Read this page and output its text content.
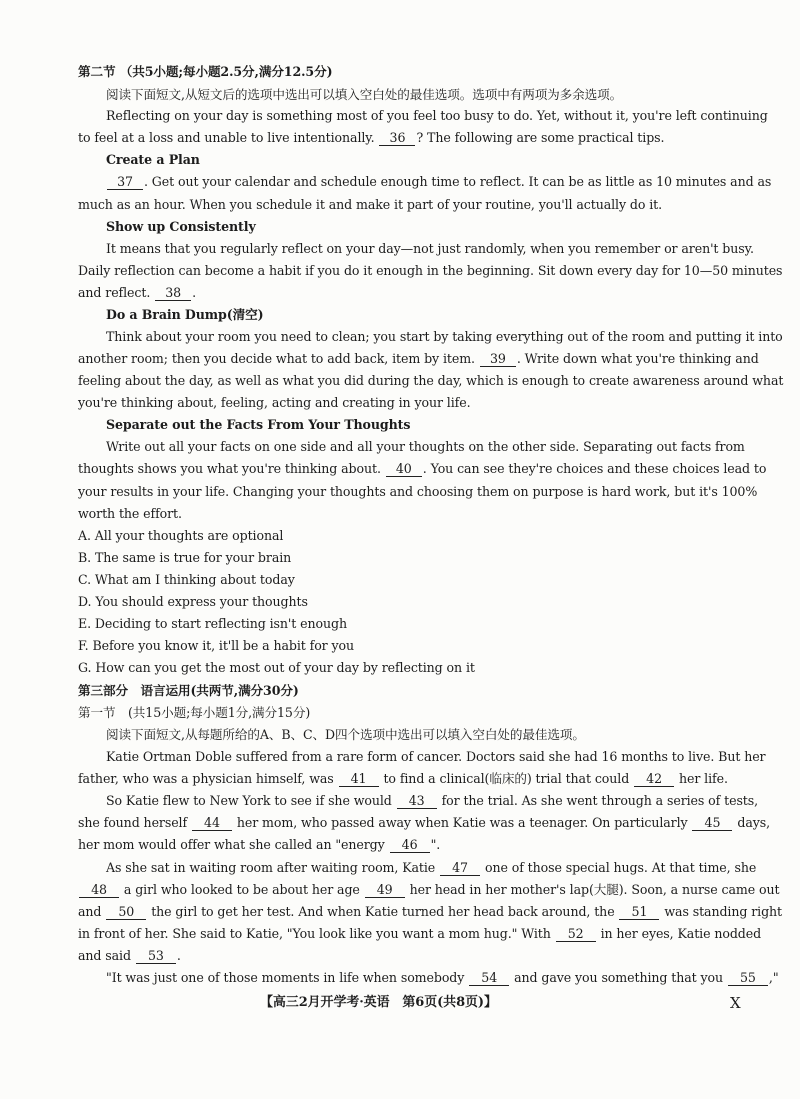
第二节 （共5小题;每小题2.5分,满分12.5分)
阅读下面短文,从短文后的选项中选出可以填入空白处的最佳选项。选项中有两项为多余选项。
Reflecting on your day is something most of you feel too busy to do. Yet, without it, you're left continuing
to feel at a loss and unable to live intentionally. 36 ? The following are some practical tips.
Create a Plan
37 . Get out your calendar and schedule enough time to reflect. It can be as little as 10 minutes and as
much as an hour. When you schedule it and make it part of your routine, you'll actually do it.
Show up Consistently
It means that you regularly reflect on your day—not just randomly, when you remember or aren't busy.
Daily reflection can become a habit if you do it enough in the beginning. Sit down every day for 10—50 minutes
and reflect. 38 .
Do a Brain Dump(清空)
Think about your room you need to clean; you start by taking everything out of the room and putting it into
another room; then you decide what to add back, item by item. 39 . Write down what you're thinking and
feeling about the day, as well as what you did during the day, which is enough to create awareness around what
you're thinking about, feeling, acting and creating in your life.
Separate out the Facts From Your Thoughts
Write out all your facts on one side and all your thoughts on the other side. Separating out facts from
thoughts shows you what you're thinking about. 40 . You can see they're choices and these choices lead to
your results in your life. Changing your thoughts and choosing them on purpose is hard work, but it's 100%
worth the effort.
A. All your thoughts are optional
B. The same is true for your brain
C. What am I thinking about today
D. You should express your thoughts
E. Deciding to start reflecting isn't enough
F. Before you know it, it'll be a habit for you
G. How can you get the most out of your day by reflecting on it
第三部分　语言运用(共两节,满分30分)
第一节　(共15小题;每小题1分,满分15分)
阅读下面短文,从每题所给的A、B、C、D四个选项中选出可以填入空白处的最佳选项。
Katie Ortman Doble suffered from a rare form of cancer. Doctors said she had 16 months to live. But her
father, who was a physician himself, was 41 to find a clinical(临床的) trial that could 42 her life.
So Katie flew to New York to see if she would 43 for the trial. As she went through a series of tests,
she found herself 44 her mom, who passed away when Katie was a teenager. On particularly 45 days,
her mom would offer what she called an "energy 46 ".
As she sat in waiting room after waiting room, Katie 47 one of those special hugs. At that time, she
48 a girl who looked to be about her age 49 her head in her mother's lap(大腿). Soon, a nurse came out
and 50 the girl to get her test. And when Katie turned her head back around, the 51 was standing right
in front of her. She said to Katie, "You look like you want a mom hug." With 52 in her eyes, Katie nodded
and said 53 .
"It was just one of those moments in life when somebody 54 and gave you something that you 55 ,"
【高三2月开学考·英语　第6页(共8页)】	X
